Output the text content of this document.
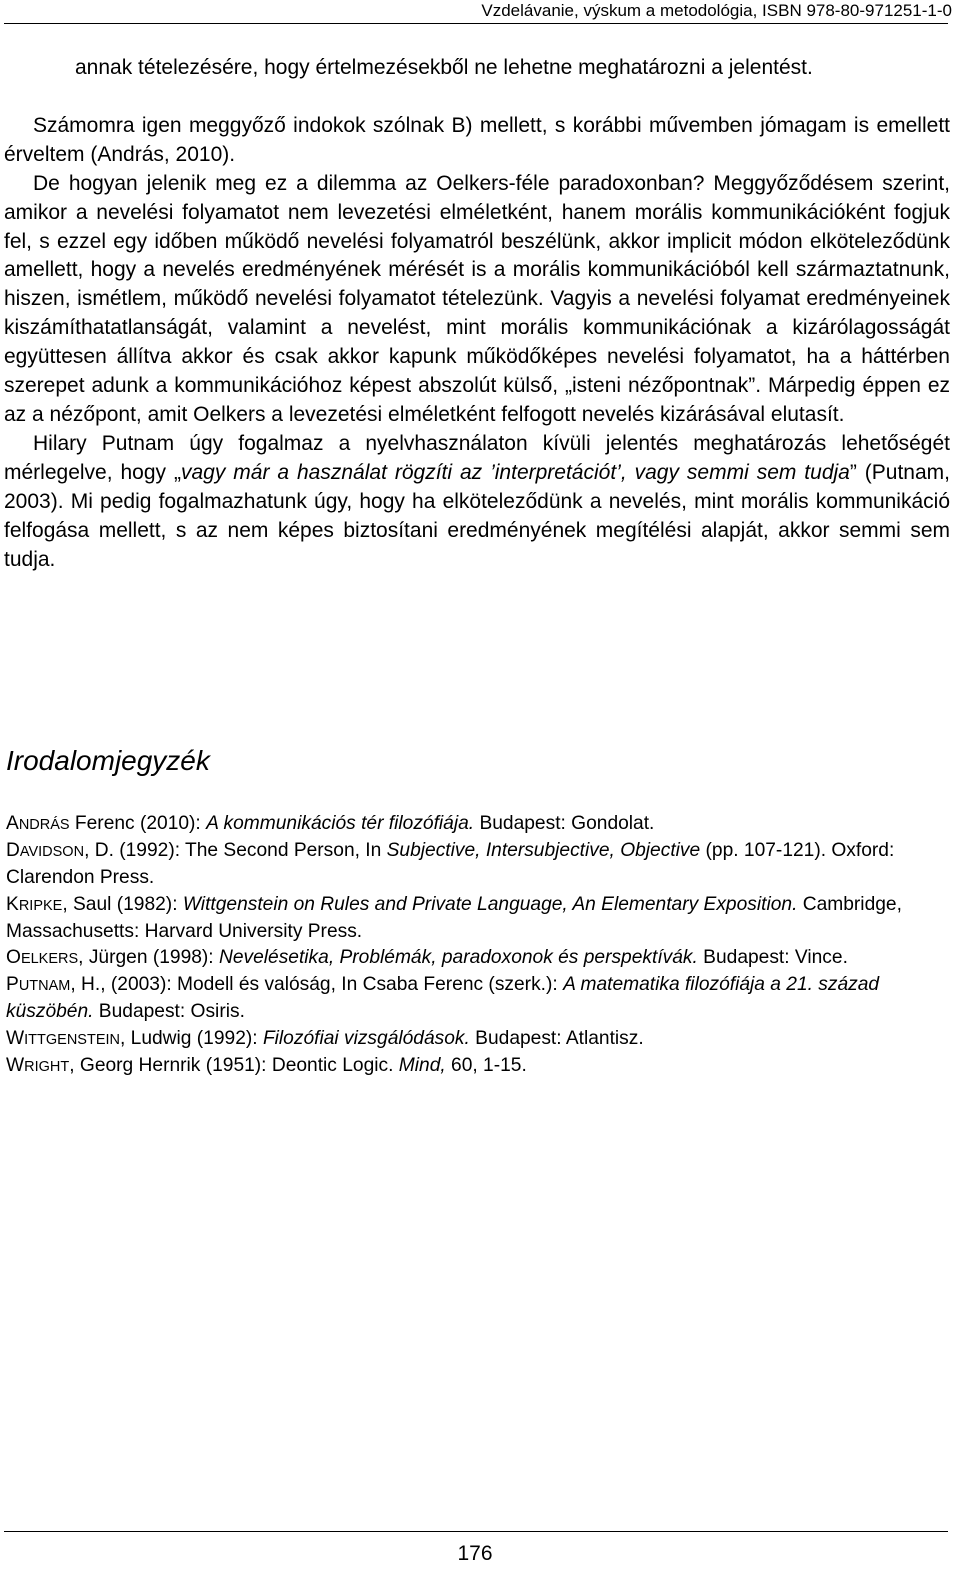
Vzdelávanie, výskum a metodológia, ISBN 978-80-971251-1-0

annak tételezésére, hogy értelmezésekből ne lehetne meghatározni a jelentést.

Számomra igen meggyőző indokok szólnak B) mellett, s korábbi művemben jómagam is emellett érveltem (András, 2010).

De hogyan jelenik meg ez a dilemma az Oelkers-féle paradoxonban? Meggyőződésem szerint, amikor a nevelési folyamatot nem levezetési elméletként, hanem morális kommunikációként fogjuk fel, s ezzel egy időben működő nevelési folyamatról beszélünk, akkor implicit módon elköteleződünk amellett, hogy a nevelés eredményének mérését is a morális kommunikációból kell származtatnunk, hiszen, ismétlem, működő nevelési folyamatot tételezünk. Vagyis a nevelési folyamat eredményeinek kiszámíthatatlanságát, valamint a nevelést, mint morális kommunikációnak a kizárólagosságát együttesen állítva akkor és csak akkor kapunk működőképes nevelési folyamatot, ha a háttérben szerepet adunk a kommunikációhoz képest abszolút külső, „isteni nézőpontnak”. Márpedig éppen ez az a nézőpont, amit Oelkers a levezetési elméletként felfogott nevelés kizárásával elutasít.

Hilary Putnam úgy fogalmaz a nyelvhasználaton kívüli jelentés meghatározás lehetőségét mérlegelve, hogy „vagy már a használat rögzíti az ’interpretációt’, vagy semmi sem tudja” (Putnam, 2003). Mi pedig fogalmazhatunk úgy, hogy ha elköteleződünk a nevelés, mint morális kommunikáció felfogása mellett, s az nem képes biztosítani eredményének megítélési alapját, akkor semmi sem tudja.

Irodalomjegyzék

ANDRÁS Ferenc (2010): A kommunikációs tér filozófiája. Budapest: Gondolat.

DAVIDSON, D. (1992): The Second Person, In Subjective, Intersubjective, Objective (pp. 107-121). Oxford: Clarendon Press.

KRIPKE, Saul (1982): Wittgenstein on Rules and Private Language, An Elementary Exposition. Cambridge, Massachusetts: Harvard University Press.

OELKERS, Jürgen (1998): Nevelésetika, Problémák, paradoxonok és perspektívák. Budapest: Vince.

PUTNAM, H., (2003): Modell és valóság, In Csaba Ferenc (szerk.): A matematika filozófiája a 21. század küszöbén. Budapest: Osiris.

WITTGENSTEIN, Ludwig (1992): Filozófiai vizsgálódások. Budapest: Atlantisz.

WRIGHT, Georg Hernrik (1951): Deontic Logic. Mind, 60, 1-15.

176
